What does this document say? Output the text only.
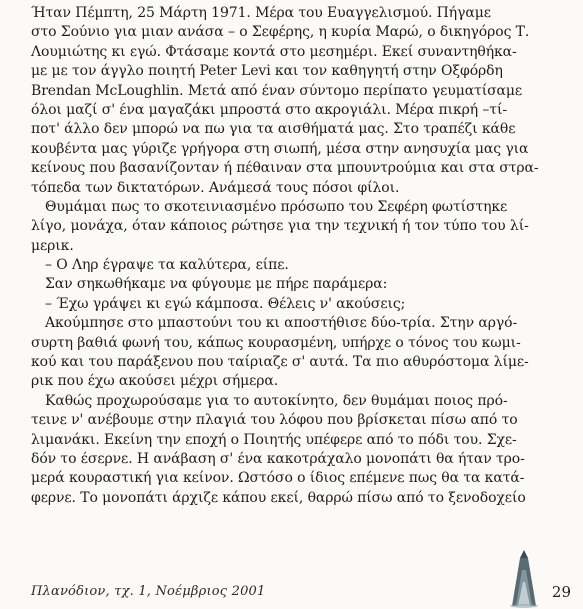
Ήταν Πέμπτη, 25 Μάρτη 1971. Μέρα του Ευαγγελισμού. Πήγαμε
στο Σούνιο για μιαν ανάσα – ο Σεφέρης, η κυρία Μαρώ, ο δικηγόρος Τ.
Λουμιώτης κι εγώ. Φτάσαμε κοντά στο μεσημέρι. Εκεί συναντηθήκα-
με με τον άγγλο ποιητή Peter Levi και τον καθηγητή στην Οξφόρδη
Brendan McLoughlin. Μετά από έναν σύντομο περίπατο γευματίσαμε
όλοι μαζί σ' ένα μαγαζάκι μπροστά στο ακρογιάλι. Μέρα πικρή –τί-
ποτ' άλλο δεν μπορώ να πω για τα αισθήματά μας. Στο τραπέζι κάθε
κουβέντα μας γύριζε γρήγορα στη σιωπή, μέσα στην ανησυχία μας για
κείνους που βασανίζονταν ή πέθαιναν στα μπουντρούμια και στα στρα-
τόπεδα των δικτατόρων. Ανάμεσά τους πόσοι φίλοι.
Θυμάμαι πως το σκοτεινιασμένο πρόσωπο του Σεφέρη φωτίστηκε
λίγο, μονάχα, όταν κάποιος ρώτησε για την τεχνική ή τον τύπο του λί-
μερικ.
– Ο Ληρ έγραψε τα καλύτερα, είπε.
Σαν σηκωθήκαμε να φύγουμε με πήρε παράμερα:
– Έχω γράψει κι εγώ κάμποσα. Θέλεις ν' ακούσεις;
Ακούμπησε στο μπαστούνι του κι αποστήθισε δύο-τρία. Στην αργό-
συρτη βαθιά φωνή του, κάπως κουρασμένη, υπήρχε ο τόνος του κωμι-
κού και του παράξενου που ταίριαζε σ' αυτά. Τα πιο αθυρόστομα λίμε-
ρικ που έχω ακούσει μέχρι σήμερα.
Καθώς προχωρούσαμε για το αυτοκίνητο, δεν θυμάμαι ποιος πρό-
τεινε ν' ανέβουμε στην πλαγιά του λόφου που βρίσκεται πίσω από το
λιμανάκι. Εκείνη την εποχή ο Ποιητής υπέφερε από το πόδι του. Σχε-
δόν το έσερνε. Η ανάβαση σ' ένα κακοτράχαλο μονοπάτι θα ήταν τρο-
μερά κουραστική για κείνον. Ωστόσο ο ίδιος επέμενε πως θα τα κατά-
φερνε. Το μονοπάτι άρχιζε κάπου εκεί, θαρρώ πίσω από το ξενοδοχείο
Πλανόδιον, τχ. 1, Νοέμβριος 2001	29
